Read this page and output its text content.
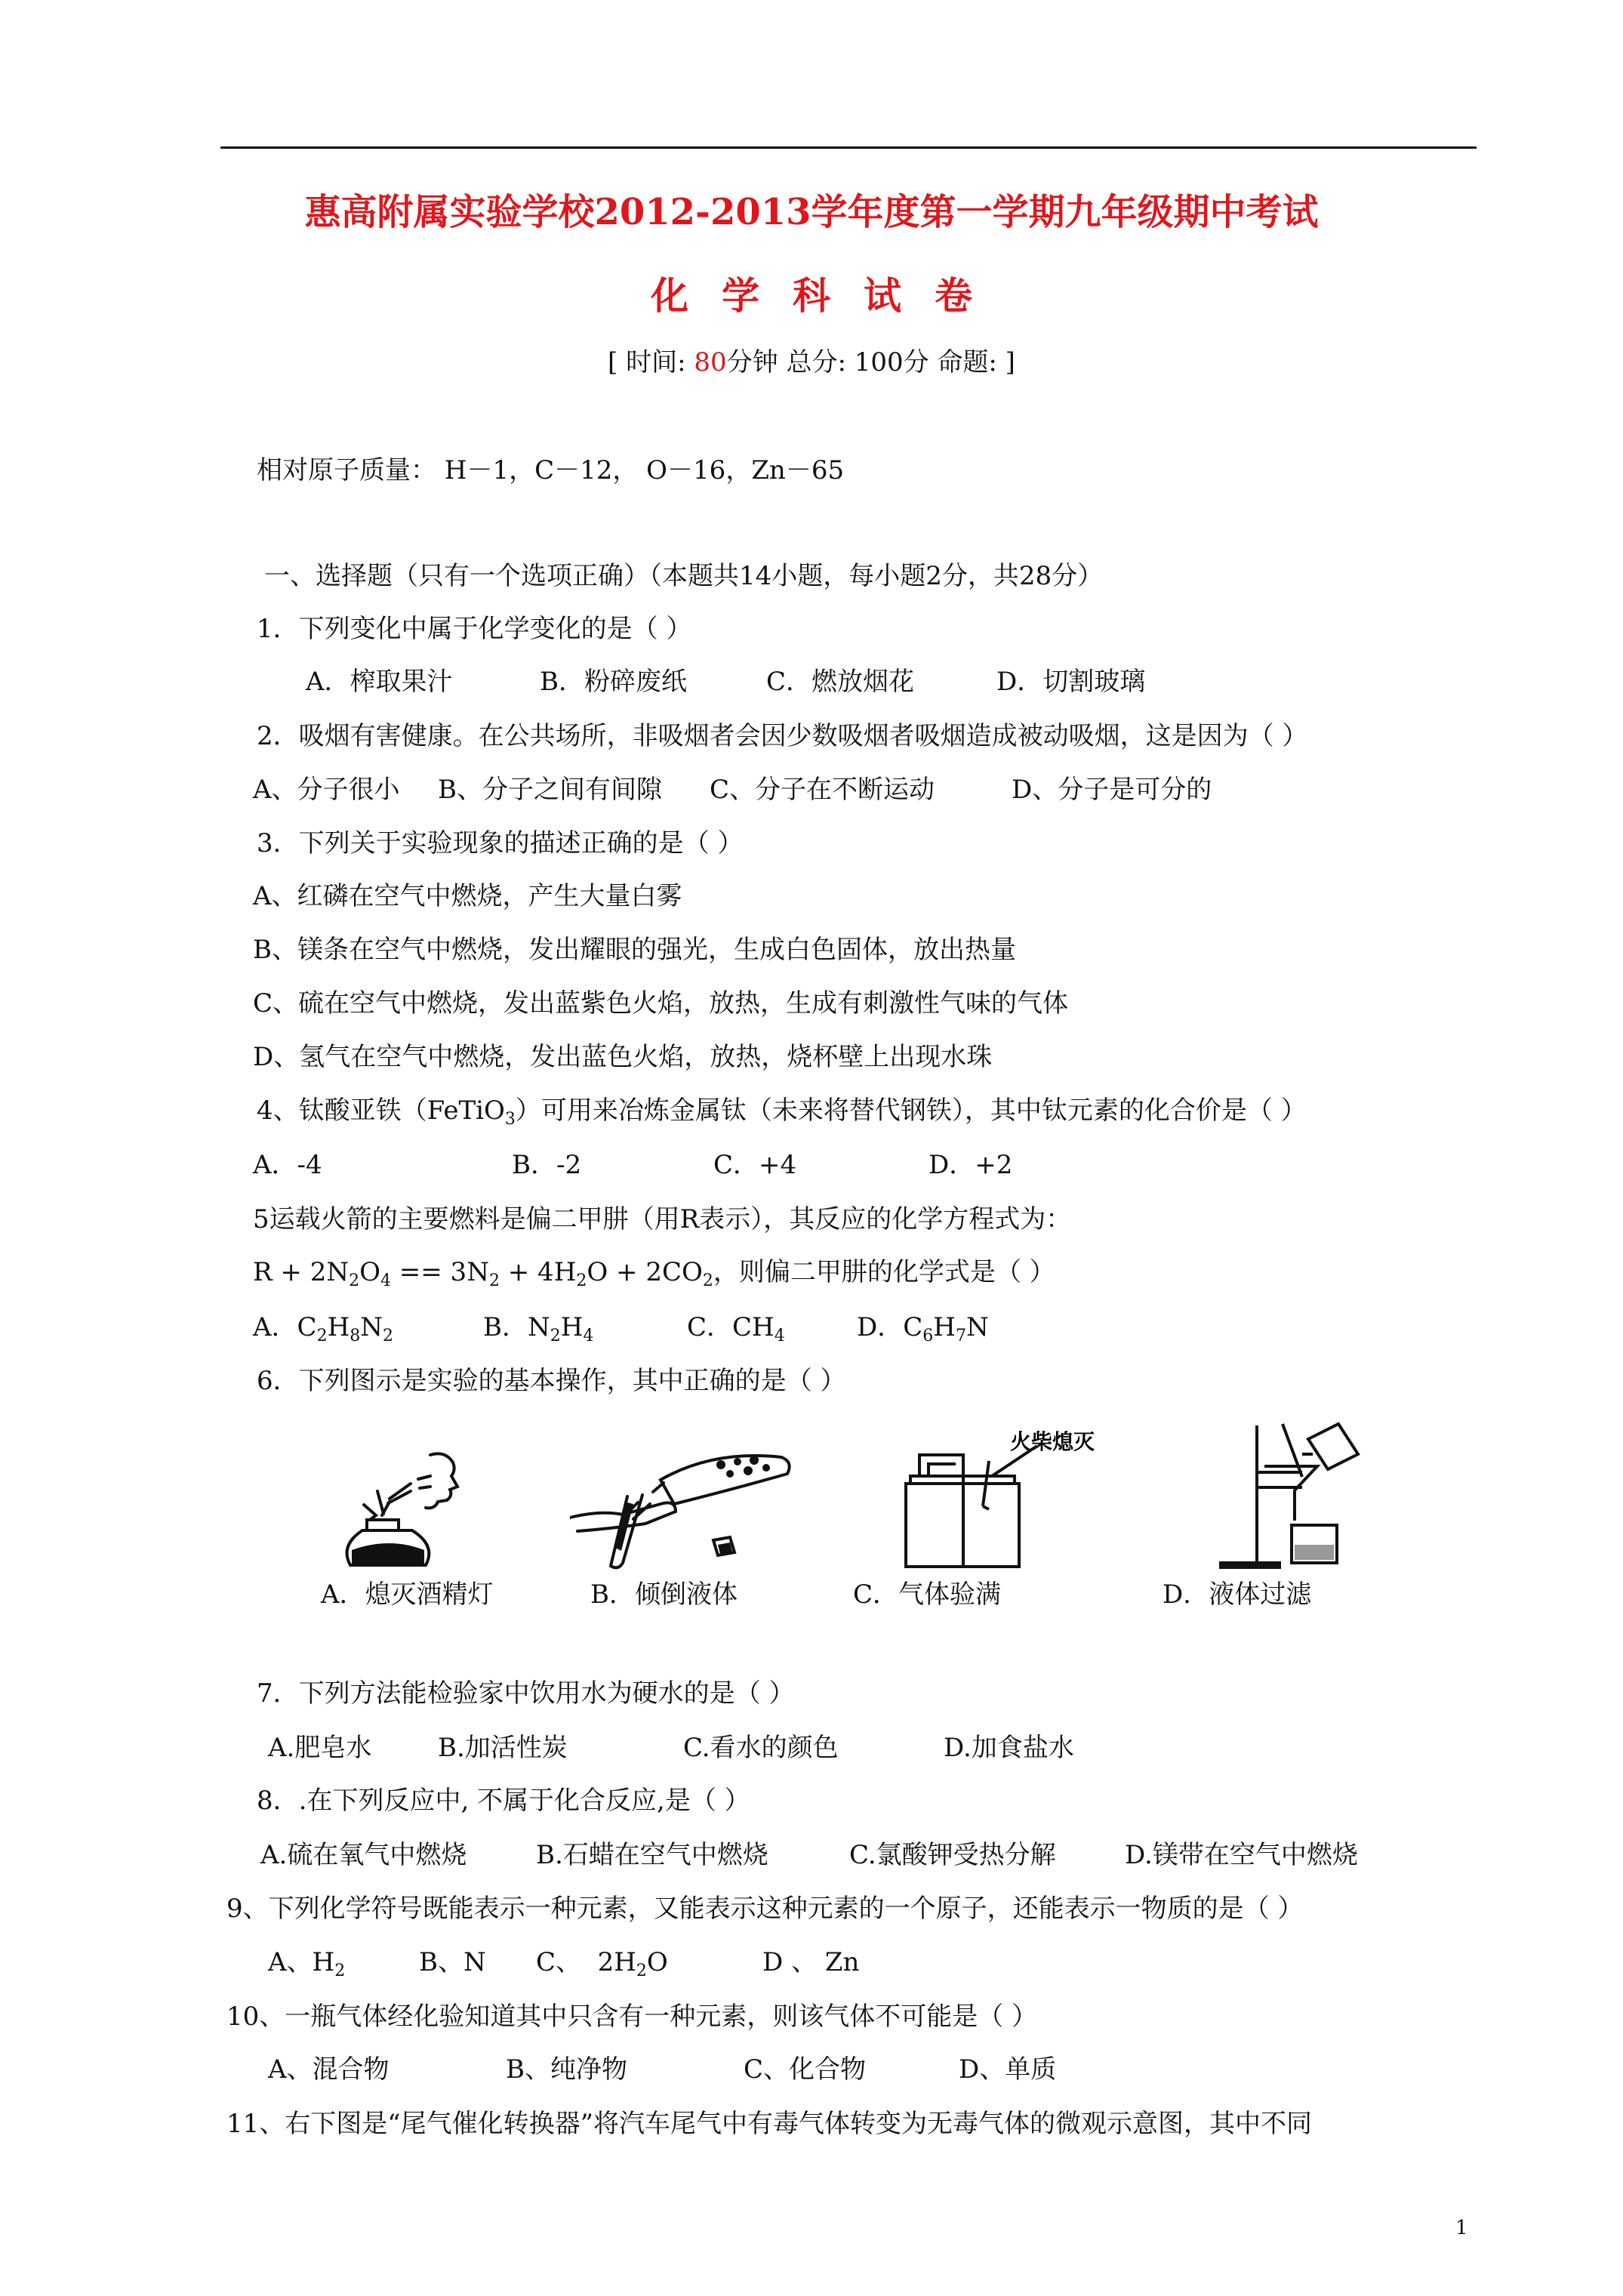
惠高附属实验学校2012-2013学年度第一学期九年级期中考试
化学科试卷
[ 时间: 80分钟 总分: 100分 命题: ]
相对原子质量： H－1，C－12， O－16，Zn－65
一、选择题（只有一个选项正确）（本题共14小题，每小题2分，共28分）
1．下列变化中属于化学变化的是（ ）
A．榨取果汁	B．粉碎废纸	C．燃放烟花	D．切割玻璃
2．吸烟有害健康。在公共场所，非吸烟者会因少数吸烟者吸烟造成被动吸烟，这是因为（ ）
A、分子很小 B、分子之间有间隙 C、分子在不断运动	D、分子是可分的
3．下列关于实验现象的描述正确的是（ ）
A、红磷在空气中燃烧，产生大量白雾
B、镁条在空气中燃烧，发出耀眼的强光，生成白色固体，放出热量
C、硫在空气中燃烧，发出蓝紫色火焰，放热，生成有刺激性气味的气体
D、氢气在空气中燃烧，发出蓝色火焰，放热，烧杯壁上出现水珠
4、钛酸亚铁（FeTiO$_3$）可用来冶炼金属钛（未来将替代钢铁），其中钛元素的化合价是（ ）
A．-4	B．-2	C．+4	D．+2
5运载火箭的主要燃料是偏二甲肼（用R表示），其反应的化学方程式为：
$R + 2N_2O_4 == 3N_2 + 4H_2O + 2CO_2$，则偏二甲肼的化学式是（ ）
A．$C_2H_8N_2$	B．$N_2H_4$	C．$CH_4$	D．$C_6H_7N$
6．下列图示是实验的基本操作，其中正确的是（ ）
火柴熄灭
A．熄灭酒精灯	B．倾倒液体	C．气体验满	D．液体过滤
7．下列方法能检验家中饮用水为硬水的是（ ）
A.肥皂水	B.加活性炭	C.看水的颜色	D.加食盐水
8．.在下列反应中, 不属于化合反应,是（ ）
A.硫在氧气中燃烧	B.石蜡在空气中燃烧	C.氯酸钾受热分解	D.镁带在空气中燃烧
9、下列化学符号既能表示一种元素，又能表示这种元素的一个原子，还能表示一物质的是（ ）
A、$H_2$	B、N C、  $2H_2O$	D 、 Zn
10、一瓶气体经化验知道其中只含有一种元素，则该气体不可能是（ ）
A、混合物	B、纯净物	C、化合物	D、单质
11、右下图是“尾气催化转换器”将汽车尾气中有毒气体转变为无毒气体的微观示意图，其中不同
1
